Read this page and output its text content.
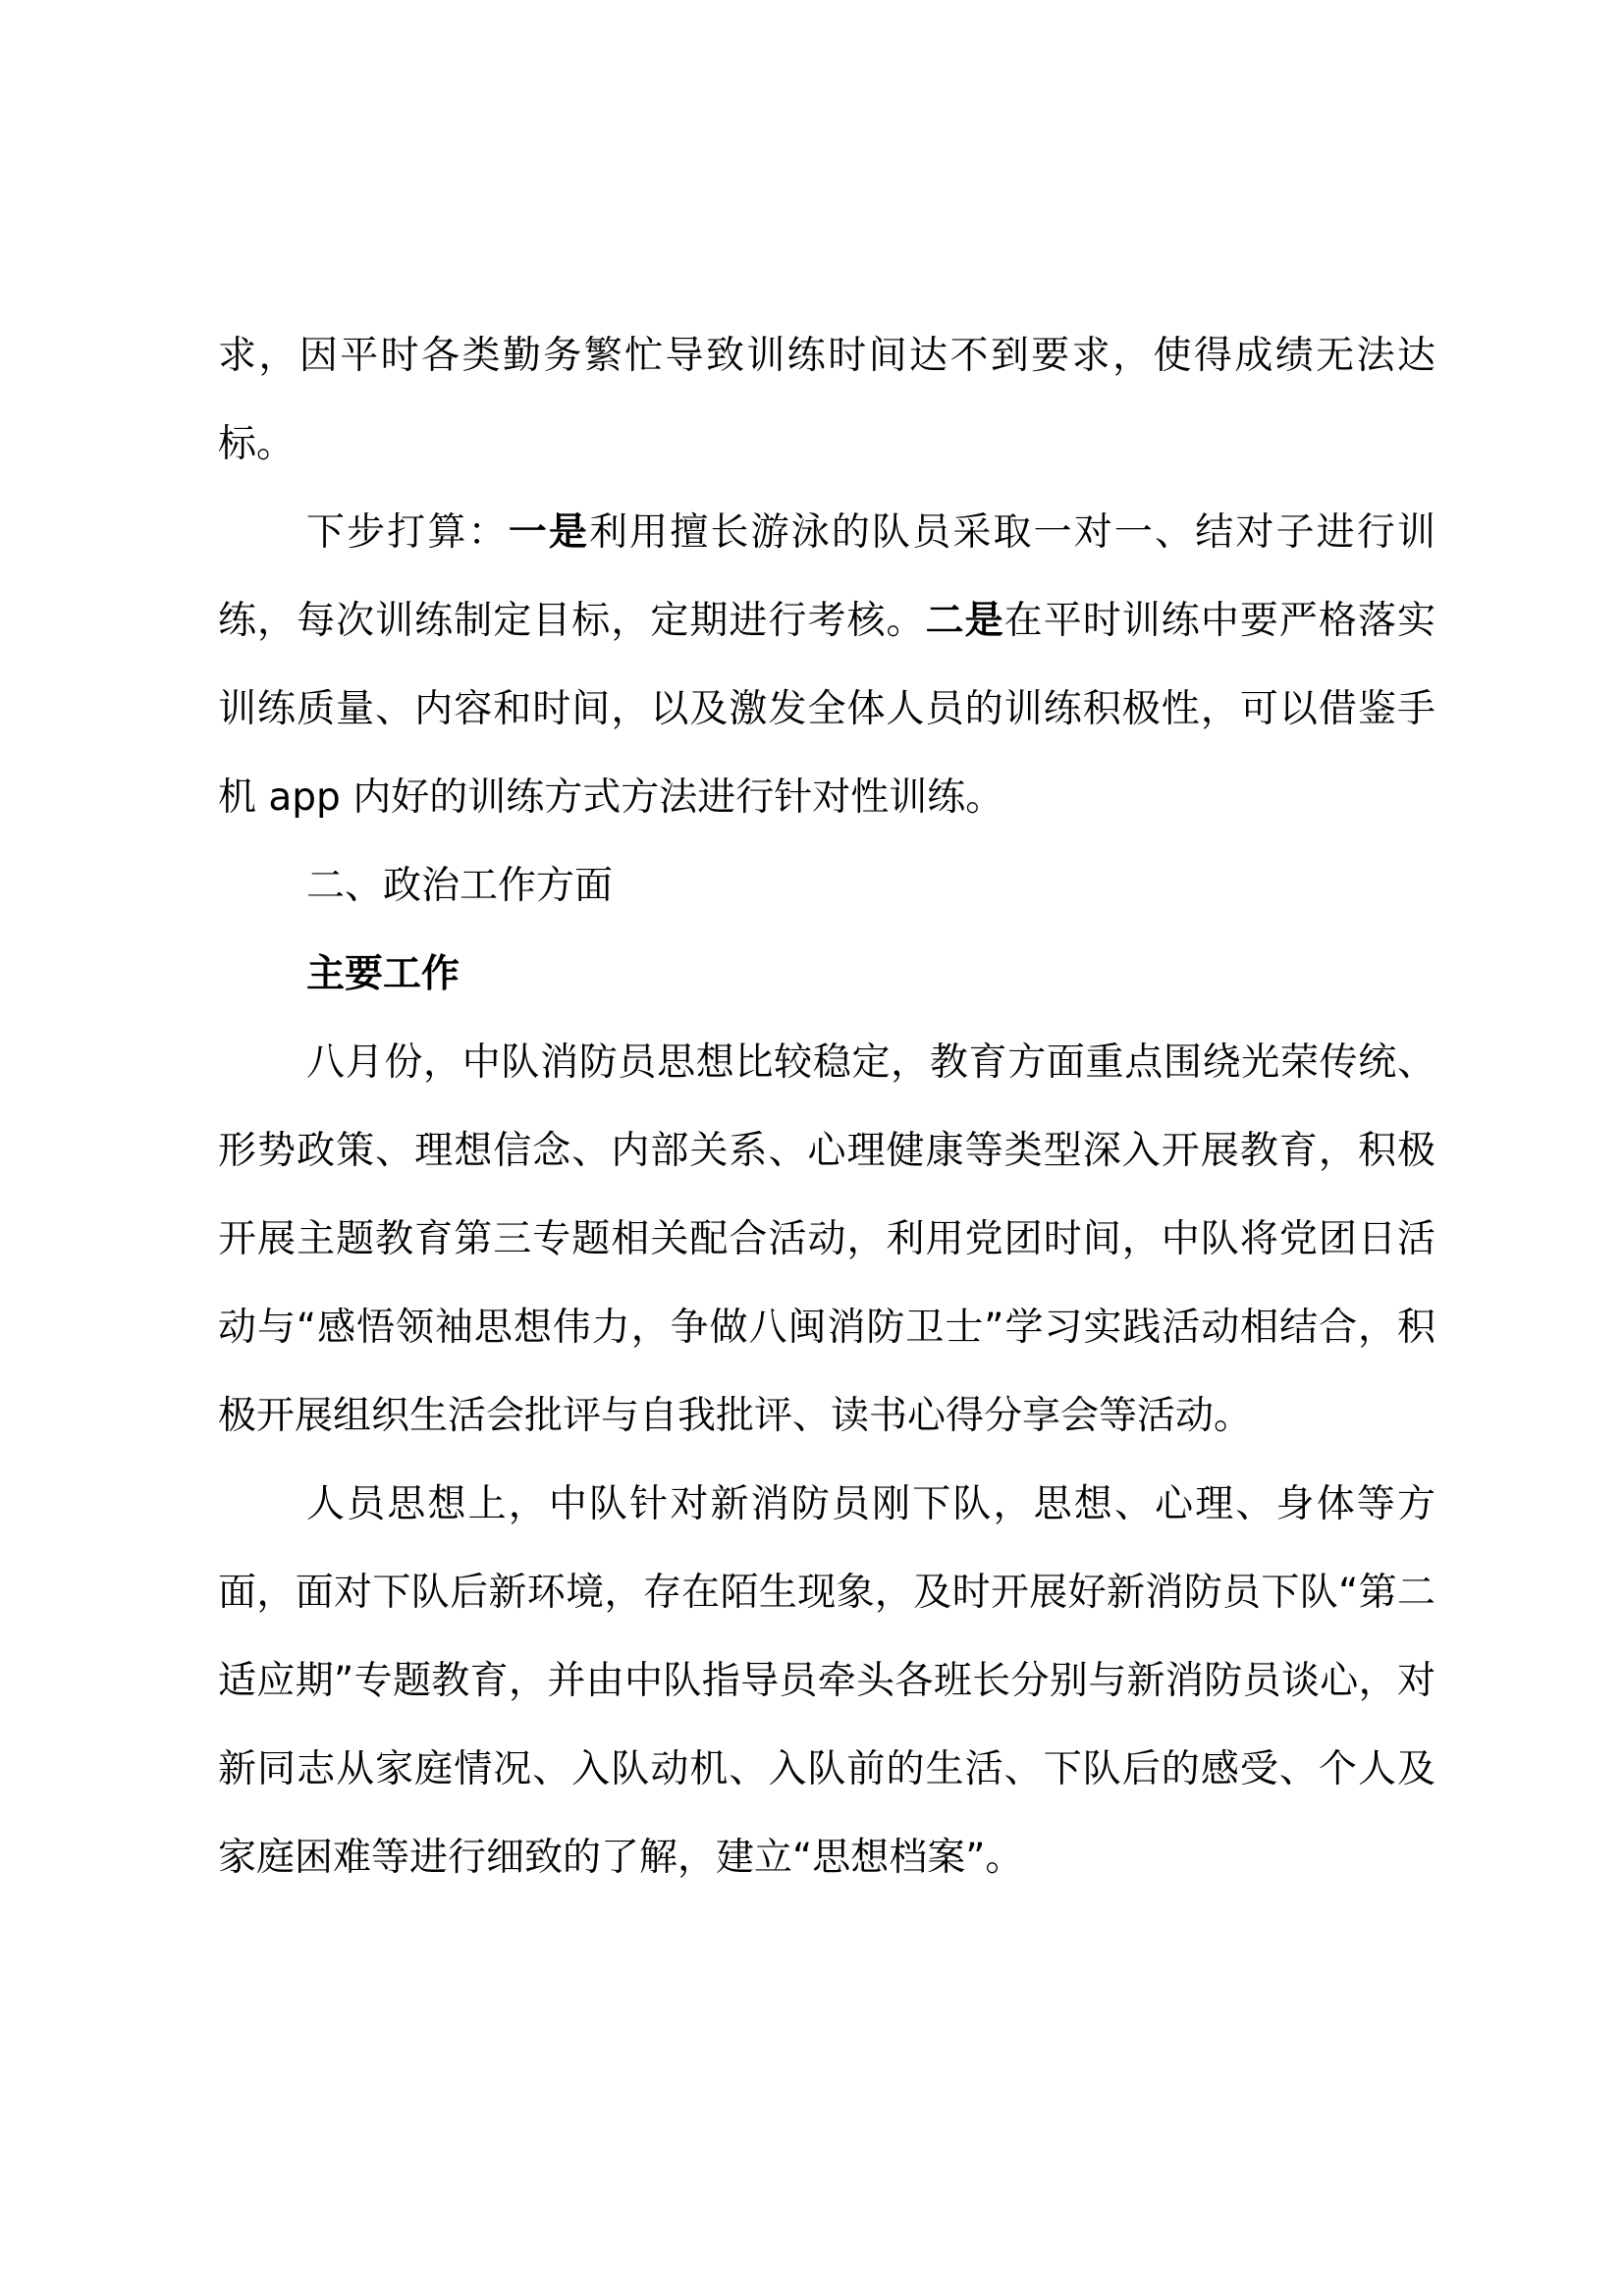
求，因平时各类勤务繁忙导致训练时间达不到要求，使得成绩无法达标。

下步打算：一是利用擅长游泳的队员采取一对一、结对子进行训练，每次训练制定目标，定期进行考核。二是在平时训练中要严格落实训练质量、内容和时间，以及激发全体人员的训练积极性，可以借鉴手机 app 内好的训练方式方法进行针对性训练。

二、政治工作方面

主要工作

八月份，中队消防员思想比较稳定，教育方面重点围绕光荣传统、形势政策、理想信念、内部关系、心理健康等类型深入开展教育，积极开展主题教育第三专题相关配合活动，利用党团时间，中队将党团日活动与“感悟领袖思想伟力，争做八闽消防卫士”学习实践活动相结合，积极开展组织生活会批评与自我批评、读书心得分享会等活动。

人员思想上，中队针对新消防员刚下队，思想、心理、身体等方面，面对下队后新环境，存在陌生现象，及时开展好新消防员下队“第二适应期”专题教育，并由中队指导员牵头各班长分别与新消防员谈心，对新同志从家庭情况、入队动机、入队前的生活、下队后的感受、个人及家庭困难等进行细致的了解，建立“思想档案”。
